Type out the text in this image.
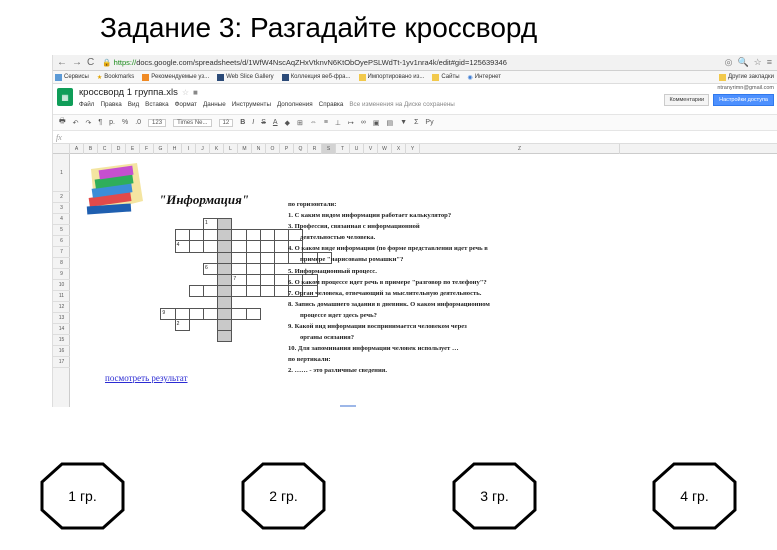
Задание 3: Разгадайте кроссворд
← → C 🔒 https://docs.google.com/spreadsheets/d/1WfW4NscAqZHxVtknvN6KtObOyePSLWdTt-1yv1nra4k/edit#gid=125639346	◎ 🔍 ☆ ≡
Сервисы ★ Bookmarks	Рекомендуемые уз...	Web Slice Gallery	Коллекция веб-фра...	Импортировано из...	Сайты ◉ Интернет	Другие закладки
▦	кроссворд 1 группа.xls ☆ ■
Файл Правка Вид Вставка Формат Данные Инструменты Дополнения Справка Все изменения на Диске сохранены
ntranyrimn@gmail.com
Комментарии	Настройки доступа
🖶 ↶ ↷ ¶ р. % .0	123	Times Ne...	12	B I S A ◆ ⊞ ⇔ ≡ ⊥ ↦ ∞ ▣ ▤ ▼ Σ Ру
fx
A	B	C	D	E	F	G	H	I	J	K	L	M	N	O	P	Q	R	S	T	U	V	W	X	Y	Z
1
2
3
4
5
6
7
8
9
10
11
12
13
14
15
16
17
"Информация"
1
4
6
7
9
2
посмотреть результат
по горизонтали:
1. С каким видом информации работает калькулятор?
3. Профессия, связанная с информационной
деятельностью человека.
4. О каком виде информации (по форме представления идет речь в
примере "нарисованы ромашки"?
5. Информационный процесс.
6. О каком процессе идет речь в примере "разговор по телефону"?
7. Орган человека, отвечающий за мыслительную деятельность.
8. Запись домашнего задания в дневник. О каком информационном
процессе идет здесь речь?
9. Какой вид информации воспринимается человеком через
органы осязания?
10. Для запоминания информации человек использует …
по вертикали:
2. …… - это различные сведения.
1 гр.	2 гр.	3 гр.	4 гр.
